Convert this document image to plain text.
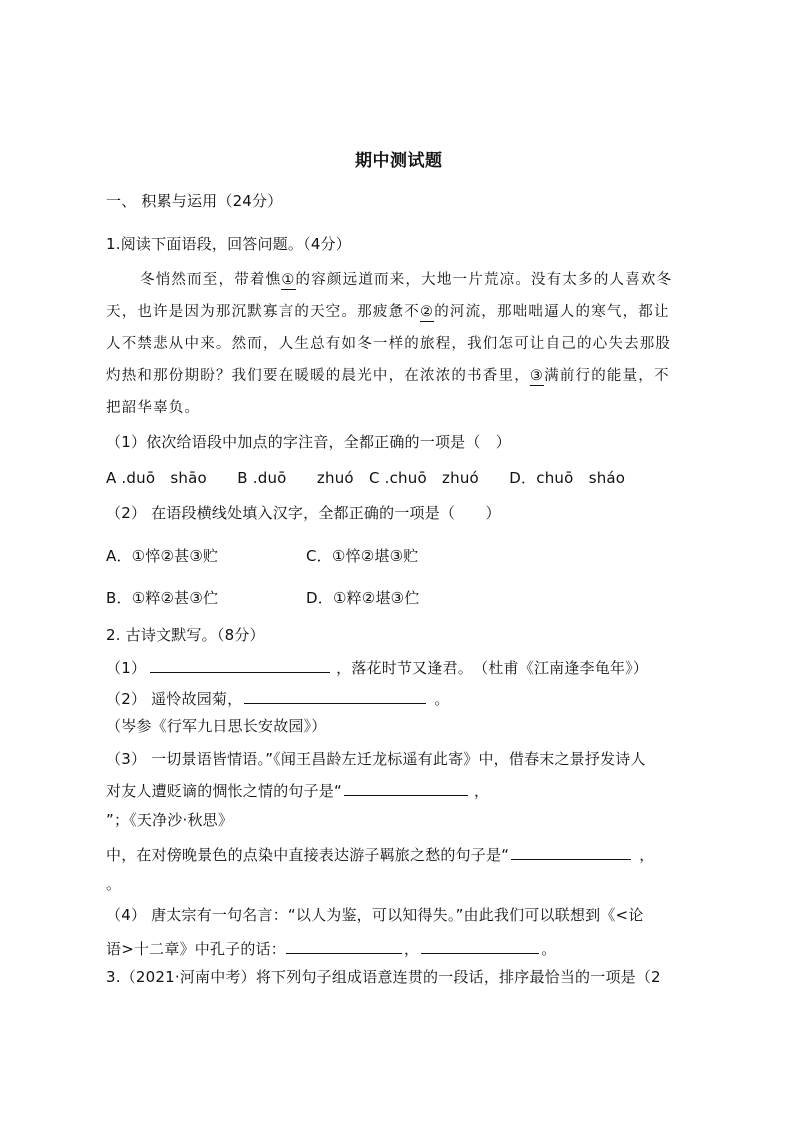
期中测试题
一、 积累与运用（24分）
1.阅读下面语段，回答问题。（4分）
冬悄然而至，带着憔①的容颜远道而来，大地一片荒凉。没有太多的人喜欢冬
天，也许是因为那沉默寡言的天空。那疲惫不②的河流，那咄咄逼人的寒气，都让
人不禁悲从中来。然而，人生总有如冬一样的旅程，我们怎可让自己的心失去那股
灼热和那份期盼？我们要在暖暖的晨光中，在浓浓的书香里，③满前行的能量，不
把韶华辜负。
（1）依次给语段中加点的字注音，全都正确的一项是（　）
A .duō　shāo　　B .duō　　zhuó　C .chuō　zhuó　　D．chuō　sháo
（2） 在语段横线处填入汉字，全都正确的一项是（　　）
A．①悴②甚③贮	C．①悴②堪③贮
B．①粹②甚③伫	D．①粹②堪③伫
2. 古诗文默写。（8分）
（1）	，落花时节又逢君。　（杜甫《江南逢李龟年》）
（2） 遥怜故园菊，	。
（岑参《行军九日思长安故园》）
（3） 一切景语皆情语。”《闻王昌龄左迁龙标遥有此寄》中，借春末之景抒发诗人
对友人遭贬谪的惆怅之情的句子是“	，
”；《天净沙·秋思》
中，在对傍晚景色的点染中直接表达游子羁旅之愁的句子是“	，
。
（4） 唐太宗有一句名言：“以人为鉴，可以知得失。”由此我们可以联想到《<论
语>十二章》中孔子的话：	，	。
3.（2021·河南中考）将下列句子组成语意连贯的一段话，排序最恰当的一项是（2
